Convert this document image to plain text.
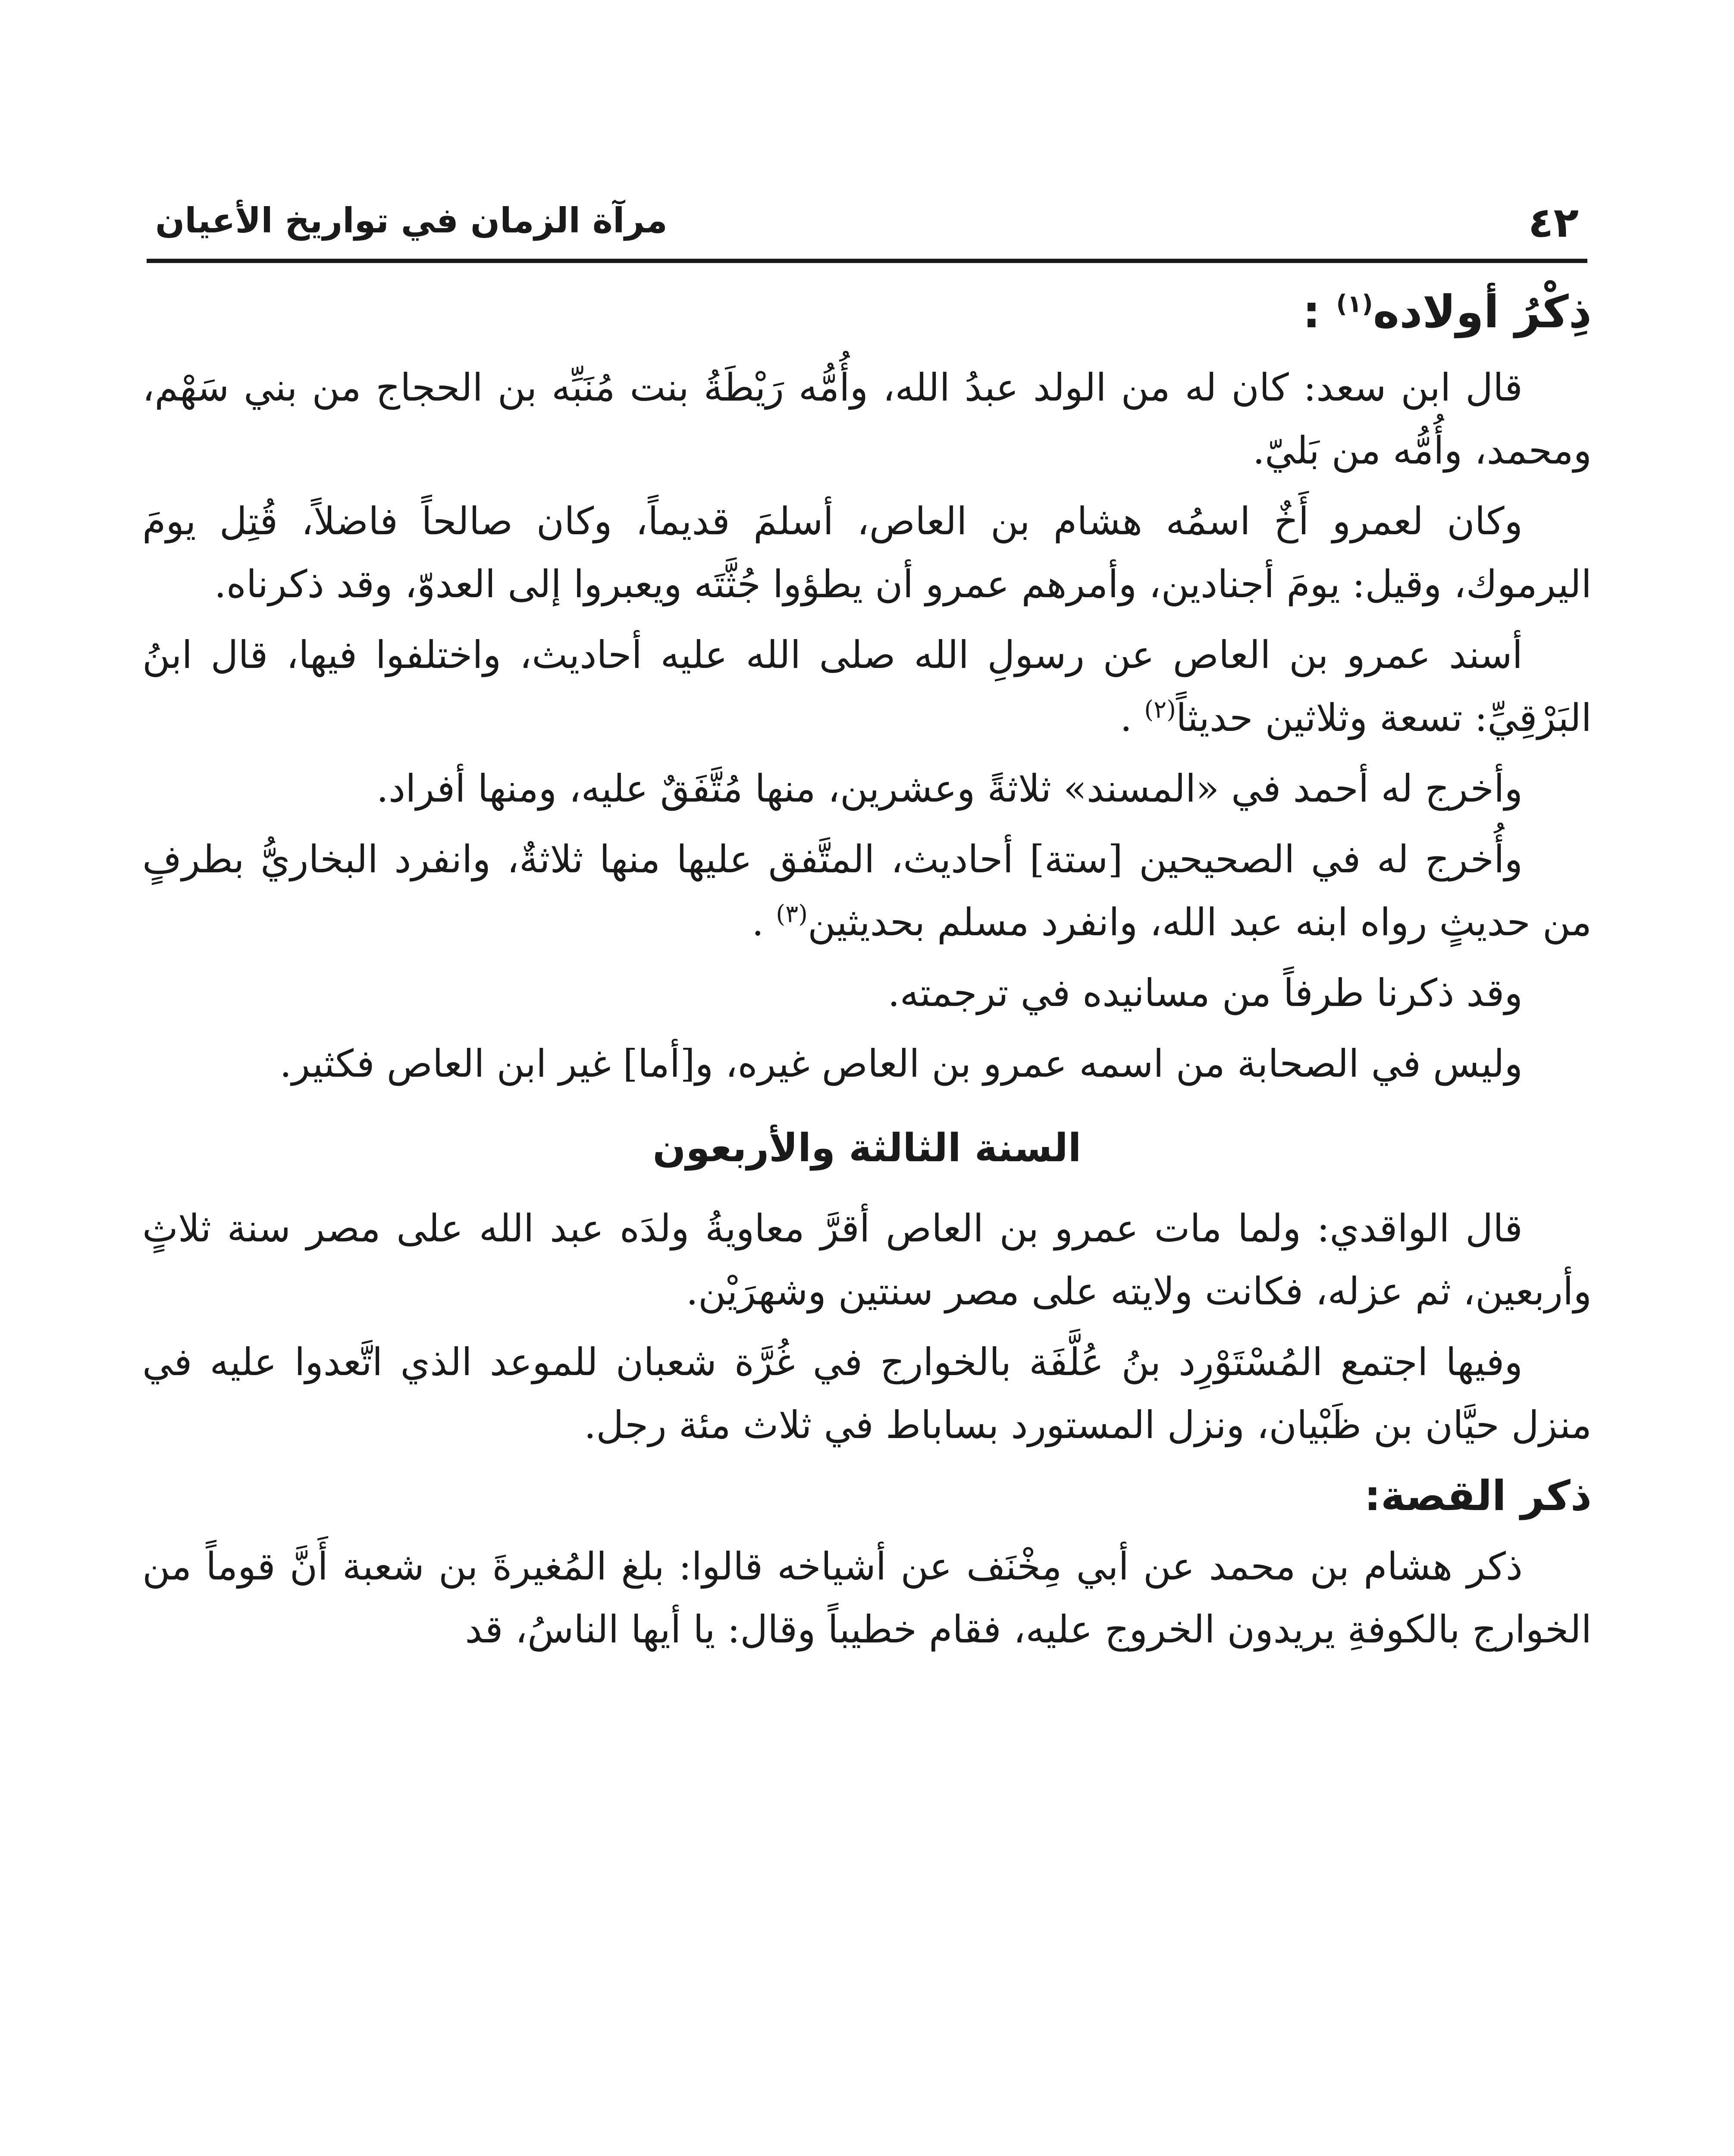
٤٢
مرآة الزمان في تواريخ الأعيان
ذِكْرُ أولاده$^{(١)}$ :

قال ابن سعد: كان له من الولد عبدُ الله، وأُمُّه رَيْطَةُ بنت مُنَبِّه بن الحجاج من بني سَهْم، ومحمد، وأُمُّه من بَليّ.

وكان لعمرو أَخٌ اسمُه هشام بن العاص، أسلمَ قديماً، وكان صالحاً فاضلاً، قُتِل يومَ اليرموك، وقيل: يومَ أجنادين، وأمرهم عمرو أن يطؤوا جُثَّتَه ويعبروا إلى العدوّ، وقد ذكرناه.

أسند عمرو بن العاص عن رسولِ الله صلى الله عليه أحاديث، واختلفوا فيها، قال ابنُ البَرْقِيِّ: تسعة وثلاثين حديثاً$^{(٢)}$ .

وأخرج له أحمد في «المسند» ثلاثةً وعشرين، منها مُتَّفَقٌ عليه، ومنها أفراد.

وأُخرج له في الصحيحين [ستة] أحاديث، المتَّفق عليها منها ثلاثةٌ، وانفرد البخاريُّ بطرفٍ من حديثٍ رواه ابنه عبد الله، وانفرد مسلم بحديثين$^{(٣)}$ .

وقد ذكرنا طرفاً من مسانيده في ترجمته.

وليس في الصحابة من اسمه عمرو بن العاص غيره، و[أما] غير ابن العاص فكثير.

السنة الثالثة والأربعون

قال الواقدي: ولما مات عمرو بن العاص أقرَّ معاويةُ ولدَه عبد الله على مصر سنة ثلاثٍ وأربعين، ثم عزله، فكانت ولايته على مصر سنتين وشهرَيْن.

وفيها اجتمع المُسْتَوْرِد بنُ عُلَّفَة بالخوارج في غُرَّة شعبان للموعد الذي اتَّعدوا عليه في منزل حيَّان بن ظَبْيان، ونزل المستورد بساباط في ثلاث مئة رجل.

ذكر القصة:

ذكر هشام بن محمد عن أبي مِخْنَف عن أشياخه قالوا: بلغ المُغيرةَ بن شعبة أَنَّ قوماً من الخوارج بالكوفةِ يريدون الخروج عليه، فقام خطيباً وقال: يا أيها الناسُ، قد
